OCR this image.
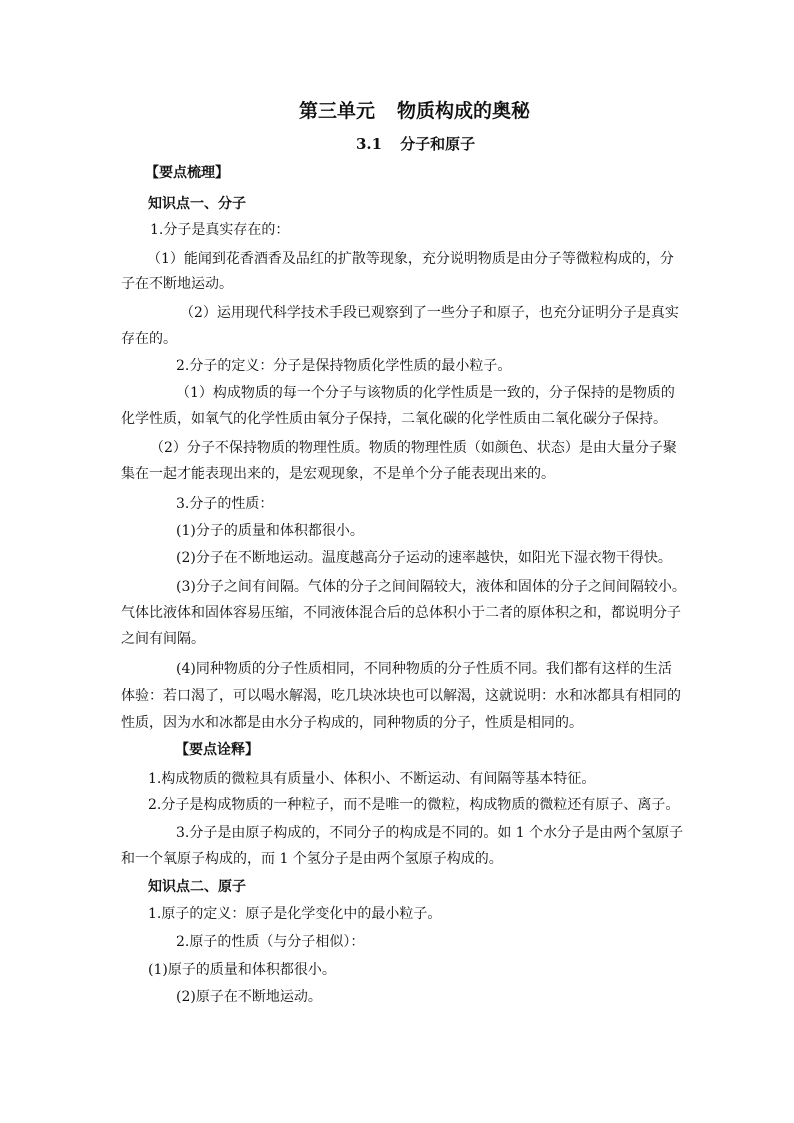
第三单元 物质构成的奥秘
3.1 分子和原子
【要点梳理】
知识点一、分子
1.分子是真实存在的：
（1）能闻到花香酒香及品红的扩散等现象，充分说明物质是由分子等微粒构成的，分
子在不断地运动。
（2）运用现代科学技术手段已观察到了一些分子和原子，也充分证明分子是真实
存在的。
2.分子的定义：分子是保持物质化学性质的最小粒子。
（1）构成物质的每一个分子与该物质的化学性质是一致的，分子保持的是物质的
化学性质，如氧气的化学性质由氧分子保持，二氧化碳的化学性质由二氧化碳分子保持。
（2）分子不保持物质的物理性质。物质的物理性质（如颜色、状态）是由大量分子聚
集在一起才能表现出来的，是宏观现象，不是单个分子能表现出来的。
3.分子的性质：
(1)分子的质量和体积都很小。
(2)分子在不断地运动。温度越高分子运动的速率越快，如阳光下湿衣物干得快。
(3)分子之间有间隔。气体的分子之间间隔较大，液体和固体的分子之间间隔较小。
气体比液体和固体容易压缩，不同液体混合后的总体积小于二者的原体积之和，都说明分子
之间有间隔。
(4)同种物质的分子性质相同，不同种物质的分子性质不同。我们都有这样的生活
体验：若口渴了，可以喝水解渴，吃几块冰块也可以解渴，这就说明：水和冰都具有相同的
性质，因为水和冰都是由水分子构成的，同种物质的分子，性质是相同的。
【要点诠释】
1.构成物质的微粒具有质量小、体积小、不断运动、有间隔等基本特征。
2.分子是构成物质的一种粒子，而不是唯一的微粒，构成物质的微粒还有原子、离子。
3.分子是由原子构成的，不同分子的构成是不同的。如 1 个水分子是由两个氢原子
和一个氧原子构成的，而 1 个氢分子是由两个氢原子构成的。
知识点二、原子
1.原子的定义：原子是化学变化中的最小粒子。
2.原子的性质（与分子相似）：
(1)原子的质量和体积都很小。
(2)原子在不断地运动。
